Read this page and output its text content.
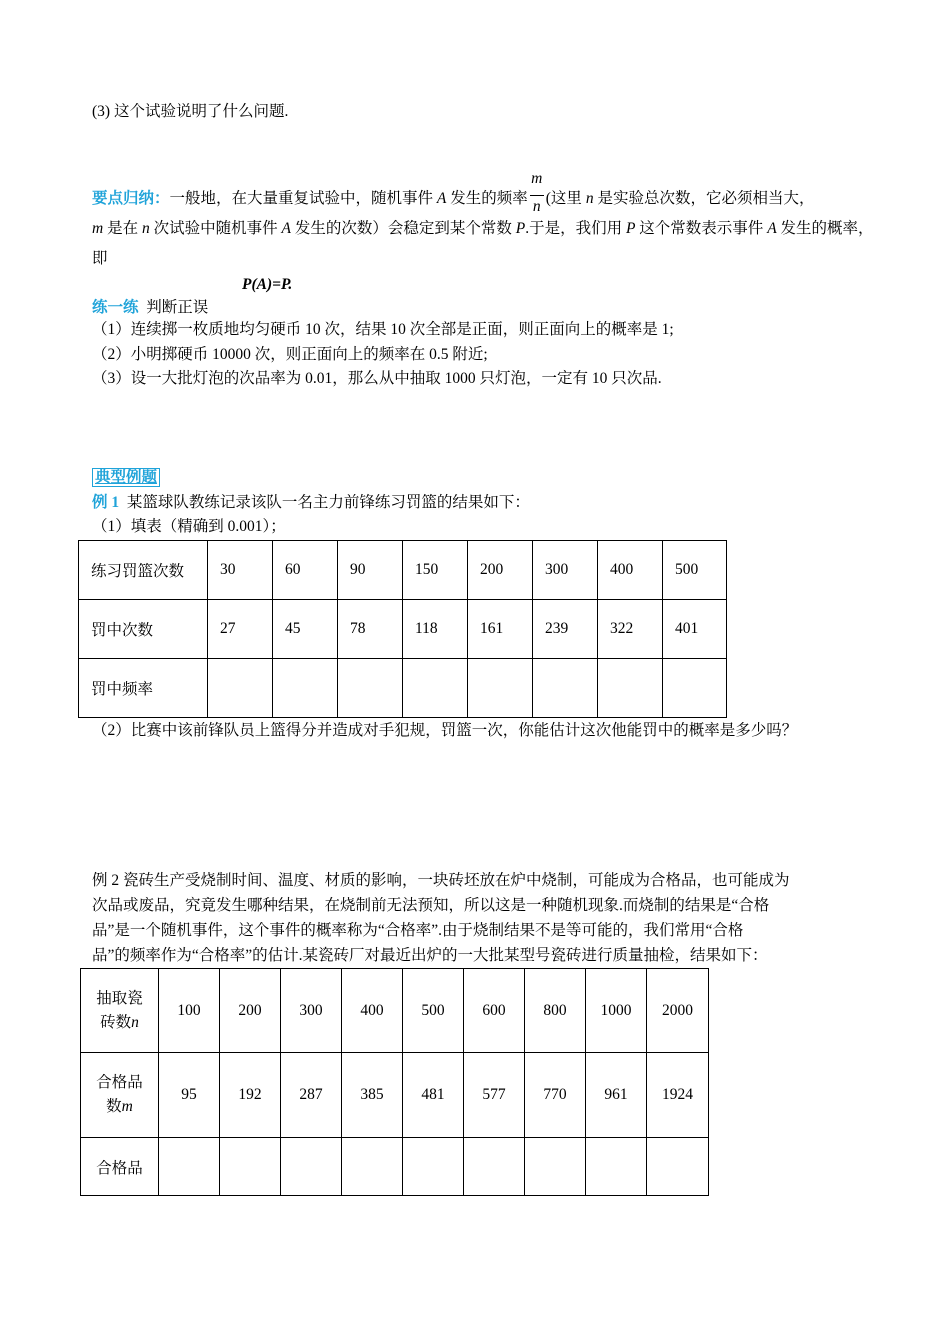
(3) 这个试验说明了什么问题.
要点归纳：一般地，在大量重复试验中，随机事件 A 发生的频率 $\frac{m}{n}$ (这里 n 是实验总次数，它必须相当大，
m 是在 n 次试验中随机事件 A 发生的次数）会稳定到某个常数 P.于是，我们用 P 这个常数表示事件 A 发生的概率，即
P(A)=P.
练一练 判断正误
（1）连续掷一枚质地均匀硬币 10 次，结果 10 次全部是正面，则正面向上的概率是 1;
（2）小明掷硬币 10000 次，则正面向上的频率在 0.5 附近;
（3）设一大批灯泡的次品率为 0.01，那么从中抽取 1000 只灯泡，一定有 10 只次品.
典型例题
例 1 某篮球队教练记录该队一名主力前锋练习罚篮的结果如下：
（1）填表（精确到 0.001）；
练习罚篮次数	30	60	90	150	200	300	400	500
罚中次数	27	45	78	118	161	239	322	401
罚中频率								
（2）比赛中该前锋队员上篮得分并造成对手犯规，罚篮一次，你能估计这次他能罚中的概率是多少吗？
例 2 瓷砖生产受烧制时间、温度、材质的影响，一块砖坯放在炉中烧制，可能成为合格品，也可能成为
次品或废品，究竟发生哪种结果，在烧制前无法预知，所以这是一种随机现象.而烧制的结果是“合格
品”是一个随机事件，这个事件的概率称为“合格率”.由于烧制结果不是等可能的，我们常用“合格
品”的频率作为“合格率”的估计.某瓷砖厂对最近出炉的一大批某型号瓷砖进行质量抽检，结果如下：
抽取瓷
砖数n	100	200	300	400	500	600	800	1000	2000
合格品
数m	95	192	287	385	481	577	770	961	1924
合格品									
